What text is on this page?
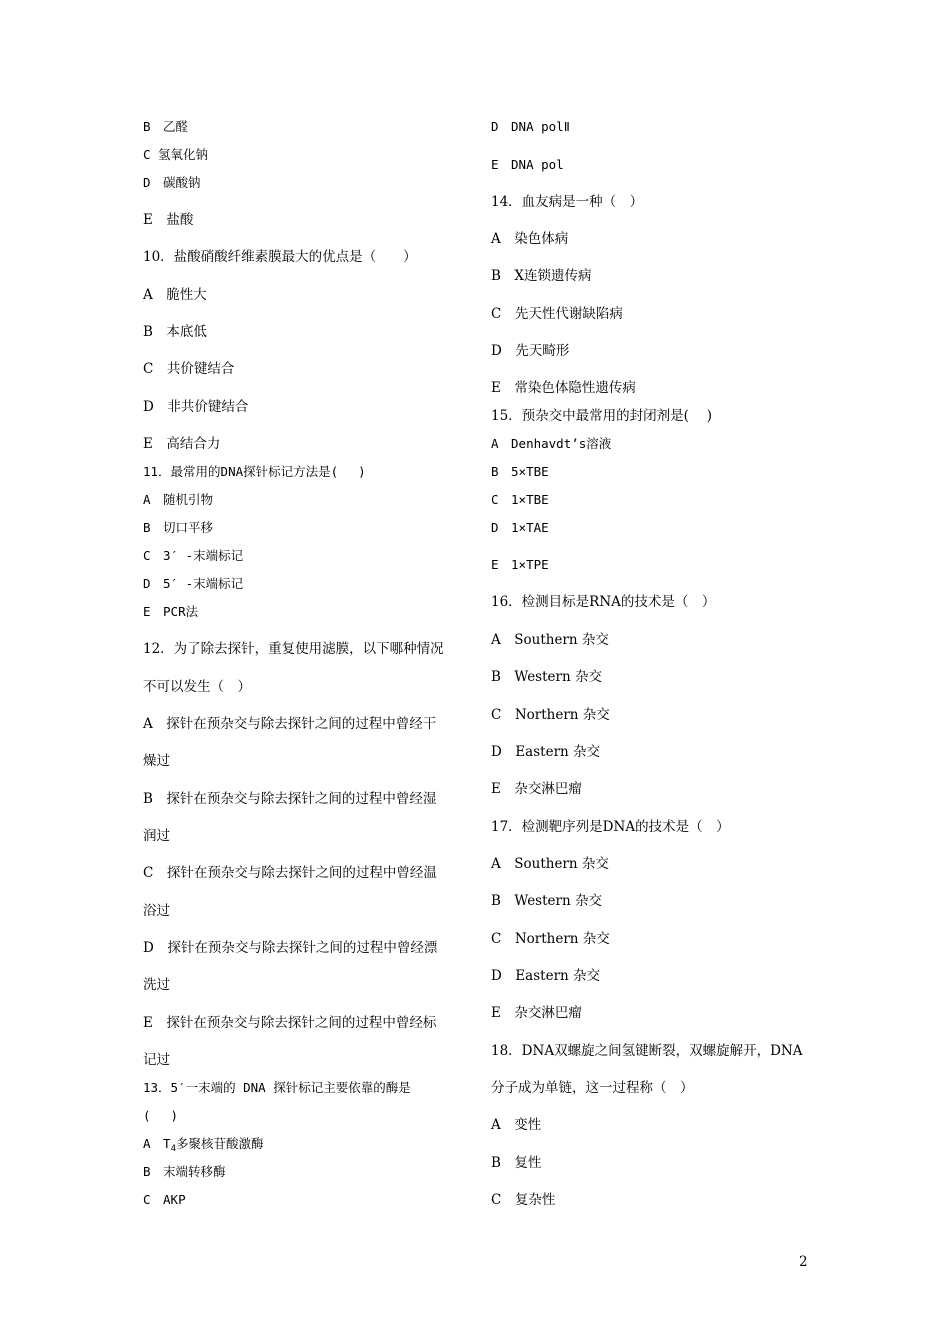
B　乙醛
C 氢氧化钠
D　碳酸钠
E　盐酸
10．盐酸硝酸纤维素膜最大的优点是（　　）
A　脆性大
B　本底低
C　共价键结合
D　非共价键结合
E　高结合力
11．最常用的DNA探针标记方法是(　 )
A　随机引物
B　切口平移
C　3′ -末端标记
D　5′ -末端标记
E　PCR法
12．为了除去探针，重复使用滤膜，以下哪种情况
不可以发生（　）
A　探针在预杂交与除去探针之间的过程中曾经干
燥过
B　探针在预杂交与除去探针之间的过程中曾经湿
润过
C　探针在预杂交与除去探针之间的过程中曾经温
浴过
D　探针在预杂交与除去探针之间的过程中曾经漂
洗过
E　探针在预杂交与除去探针之间的过程中曾经标
记过
13．5′一末端的 DNA 探针标记主要依靠的酶是
(　 )
A　$T_4$多聚核苷酸激酶
B　末端转移酶
C　AKP
D　DNA polⅡ
E　DNA pol
14．血友病是一种（　）
A　染色体病
B　X连锁遗传病
C　先天性代谢缺陷病
D　先天畸形
E　常染色体隐性遗传病
15．预杂交中最常用的封闭剂是(　 )
A　Denhavdt’s溶液
B　5×TBE
C　1×TBE
D　1×TAE
E　1×TPE
16．检测目标是RNA的技术是（　）
A　Southern 杂交
B　Western 杂交
C　Northern 杂交
D　Eastern 杂交
E　杂交淋巴瘤
17．检测靶序列是DNA的技术是（　）
A　Southern 杂交
B　Western 杂交
C　Northern 杂交
D　Eastern 杂交
E　杂交淋巴瘤
18．DNA双螺旋之间氢键断裂，双螺旋解开，DNA
分子成为单链，这一过程称（　）
A　变性
B　复性
C　复杂性
2
